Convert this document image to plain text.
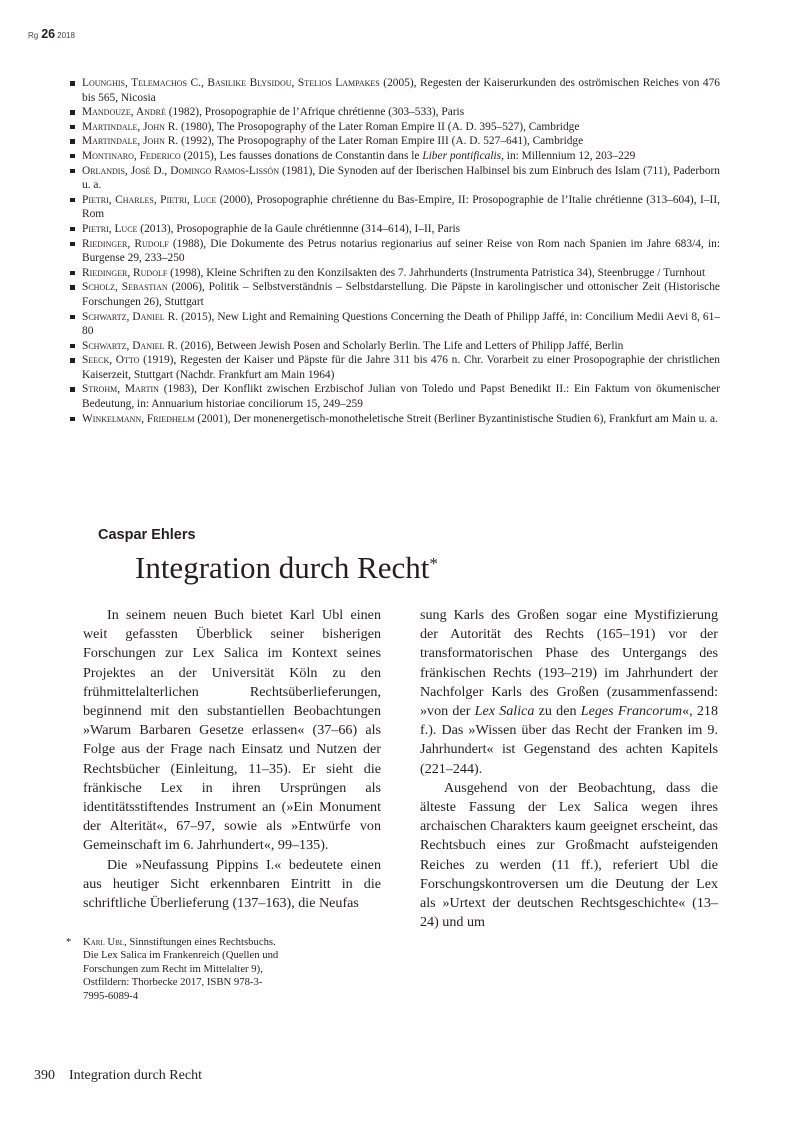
Rg 26 2018
Lounghis, Telemachos C., Basilike Blysidou, Stelios Lampakes (2005), Regesten der Kaiserurkunden des oströmischen Reiches von 476 bis 565, Nicosia
Mandouze, André (1982), Prosopographie de l’Afrique chrétienne (303–533), Paris
Martindale, John R. (1980), The Prosopography of the Later Roman Empire II (A. D. 395–527), Cambridge
Martindale, John R. (1992), The Prosopography of the Later Roman Empire III (A. D. 527–641), Cambridge
Montinaro, Federico (2015), Les fausses donations de Constantin dans le Liber pontificalis, in: Millennium 12, 203–229
Orlandis, José D., Domingo Ramos-Lissón (1981), Die Synoden auf der Iberischen Halbinsel bis zum Einbruch des Islam (711), Paderborn u. a.
Pietri, Charles, Pietri, Luce (2000), Prosopographie chrétienne du Bas-Empire, II: Prosopographie de l’Italie chrétienne (313–604), I–II, Rom
Pietri, Luce (2013), Prosopographie de la Gaule chrétiennne (314–614), I–II, Paris
Riedinger, Rudolf (1988), Die Dokumente des Petrus notarius regionarius auf seiner Reise von Rom nach Spanien im Jahre 683/4, in: Burgense 29, 233–250
Riedinger, Rudolf (1998), Kleine Schriften zu den Konzilsakten des 7. Jahrhunderts (Instrumenta Patristica 34), Steenbrugge / Turnhout
Scholz, Sebastian (2006), Politik – Selbstverständnis – Selbstdarstellung. Die Päpste in karolingischer und ottonischer Zeit (Historische Forschungen 26), Stuttgart
Schwartz, Daniel R. (2015), New Light and Remaining Questions Concerning the Death of Philipp Jaffé, in: Concilium Medii Aevi 8, 61–80
Schwartz, Daniel R. (2016), Between Jewish Posen and Scholarly Berlin. The Life and Letters of Philipp Jaffé, Berlin
Seeck, Otto (1919), Regesten der Kaiser und Päpste für die Jahre 311 bis 476 n. Chr. Vorarbeit zu einer Prosopographie der christlichen Kaiserzeit, Stuttgart (Nachdr. Frankfurt am Main 1964)
Strohm, Martin (1983), Der Konflikt zwischen Erzbischof Julian von Toledo und Papst Benedikt II.: Ein Faktum von ökumenischer Bedeutung, in: Annuarium historiae conciliorum 15, 249–259
Winkelmann, Friedhelm (2001), Der monenergetisch-monotheletische Streit (Berliner Byzantinistische Studien 6), Frankfurt am Main u. a.
Caspar Ehlers
Integration durch Recht*

In seinem neuen Buch bietet Karl Ubl einen weit gefassten Überblick seiner bisherigen Forschungen zur Lex Salica im Kontext seines Projektes an der Universität Köln zu den frühmittelalterlichen Rechtsüberlieferungen, beginnend mit den substantiellen Beobachtungen »Warum Barbaren Gesetze erlassen« (37–66) als Folge aus der Frage nach Einsatz und Nutzen der Rechtsbücher (Einleitung, 11–35). Er sieht die fränkische Lex in ihren Ursprüngen als identitätsstiftendes Instrument an (»Ein Monument der Alterität«, 67–97, sowie als »Entwürfe von Gemeinschaft im 6. Jahrhundert«, 99–135).

Die »Neufassung Pippins I.« bedeutete einen aus heutiger Sicht erkennbaren Eintritt in die schriftliche Überlieferung (137–163), die Neufas

sung Karls des Großen sogar eine Mystifizierung der Autorität des Rechts (165–191) vor der transformatorischen Phase des Untergangs des fränkischen Rechts (193–219) im Jahrhundert der Nachfolger Karls des Großen (zusammenfassend: »von der Lex Salica zu den Leges Francorum«, 218 f.). Das »Wissen über das Recht der Franken im 9. Jahrhundert« ist Gegenstand des achten Kapitels (221–244).

Ausgehend von der Beobachtung, dass die älteste Fassung der Lex Salica wegen ihres archaischen Charakters kaum geeignet erscheint, das Rechtsbuch eines zur Großmacht aufsteigenden Reiches zu werden (11 ff.), referiert Ubl die Forschungskontroversen um die Deutung der Lex als »Urtext der deutschen Rechtsgeschichte« (13–24) und um

* Karl Ubl, Sinnstiftungen eines Rechtsbuchs. Die Lex Salica im Frankenreich (Quellen und Forschungen zum Recht im Mittelalter 9), Ostfildern: Thorbecke 2017, ISBN 978-3-7995-6089-4
390 Integration durch Recht
